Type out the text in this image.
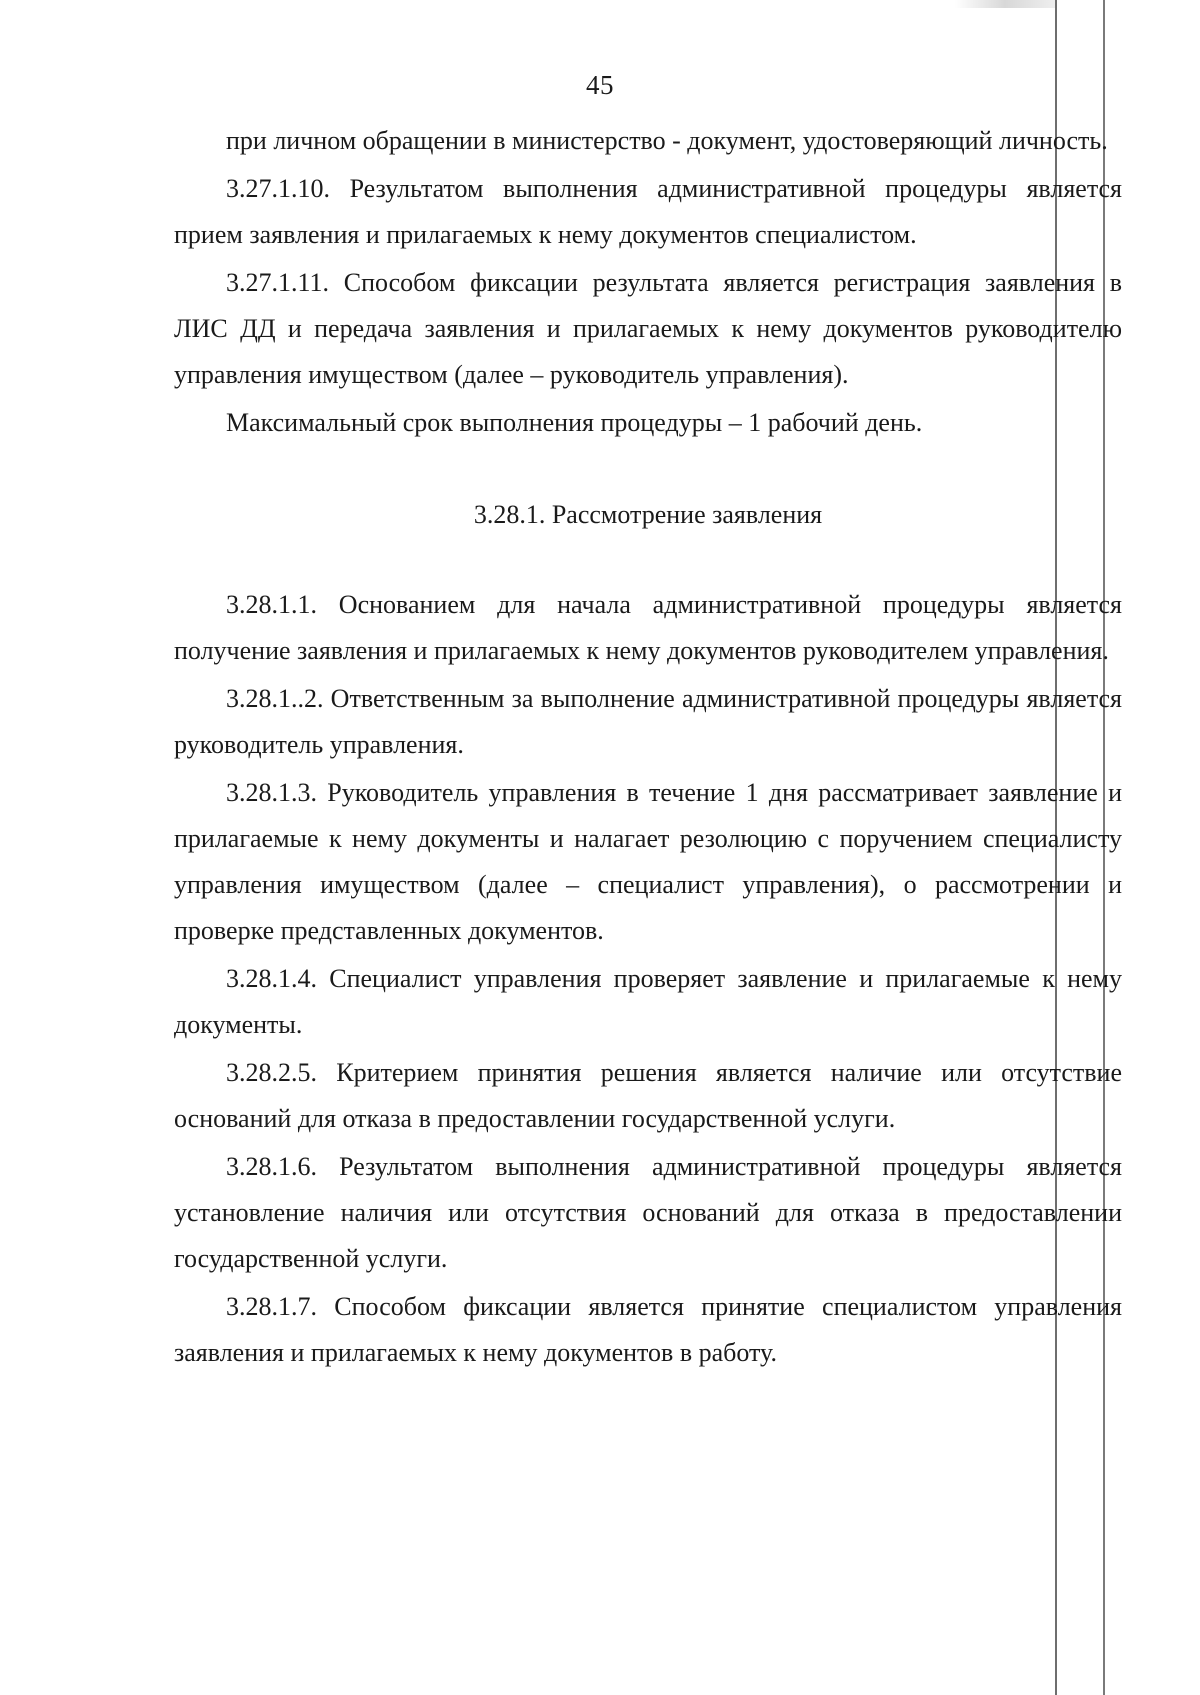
45

при личном обращении в министерство - документ, удостоверяющий личность.

3.27.1.10. Результатом выполнения административной процедуры является прием заявления и прилагаемых к нему документов специалистом.

3.27.1.11. Способом фиксации результата является регистрация заявления в ЛИС ДД и передача заявления и прилагаемых к нему документов руководителю управления имуществом (далее – руководитель управления).

Максимальный срок выполнения процедуры – 1 рабочий день.

3.28.1. Рассмотрение заявления

3.28.1.1. Основанием для начала административной процедуры является получение заявления и прилагаемых к нему документов руководителем управления.

3.28.1..2. Ответственным за выполнение административной процедуры является руководитель управления.

3.28.1.3. Руководитель управления в течение 1 дня рассматривает заявление и прилагаемые к нему документы и налагает резолюцию с поручением специалисту управления имуществом (далее – специалист управления), о рассмотрении и проверке представленных документов.

3.28.1.4. Специалист управления проверяет заявление и прилагаемые к нему документы.

3.28.2.5. Критерием принятия решения является наличие или отсутствие оснований для отказа в предоставлении государственной услуги.

3.28.1.6. Результатом выполнения административной процедуры является установление наличия или отсутствия оснований для отказа в предоставлении государственной услуги.

3.28.1.7. Способом фиксации является принятие специалистом управления заявления и прилагаемых к нему документов в работу.
